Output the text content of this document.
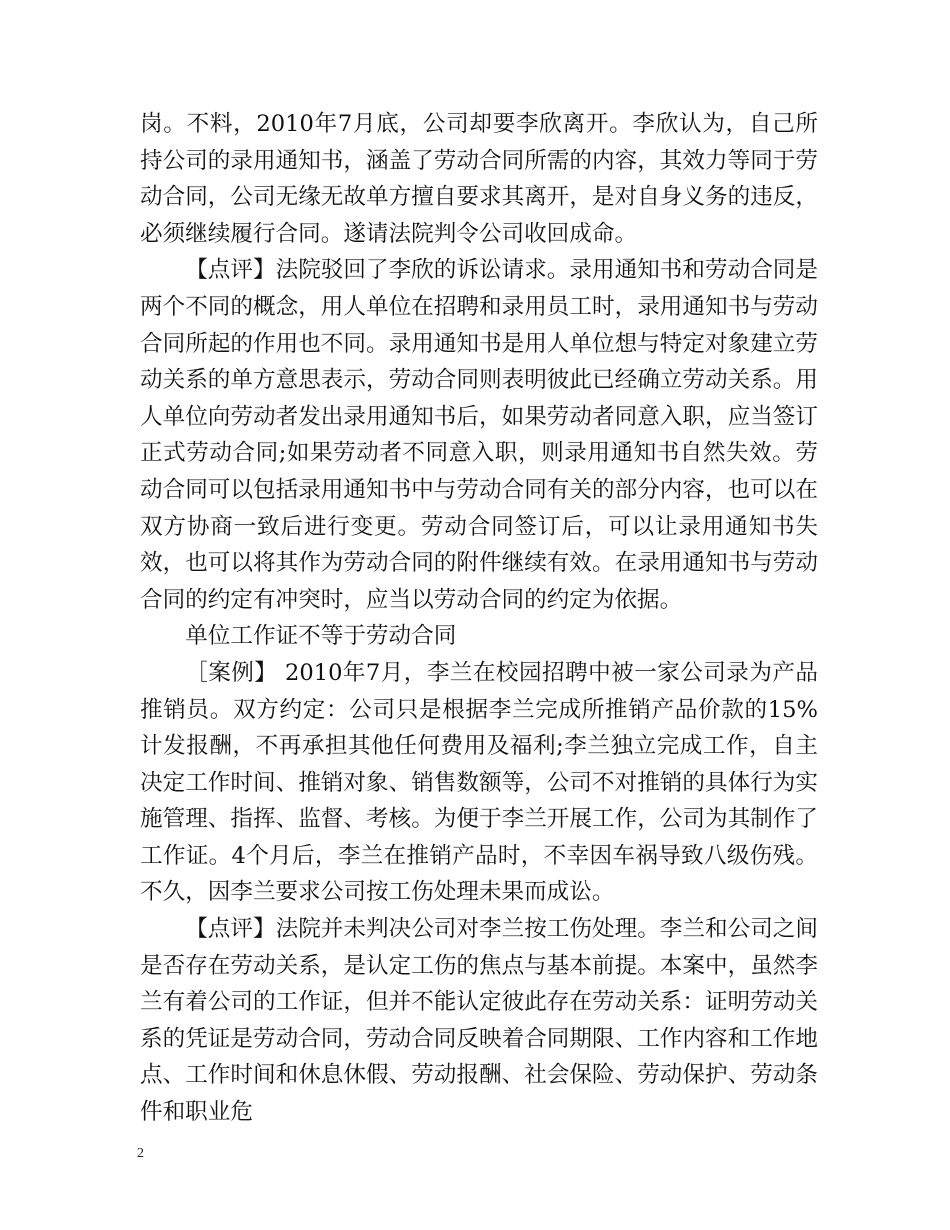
岗。不料，2010年7月底，公司却要李欣离开。李欣认为，自己所持公司的录用通知书，涵盖了劳动合同所需的内容，其效力等同于劳动合同，公司无缘无故单方擅自要求其离开，是对自身义务的违反，必须继续履行合同。遂请法院判令公司收回成命。

【点评】法院驳回了李欣的诉讼请求。录用通知书和劳动合同是两个不同的概念，用人单位在招聘和录用员工时，录用通知书与劳动合同所起的作用也不同。录用通知书是用人单位想与特定对象建立劳动关系的单方意思表示，劳动合同则表明彼此已经确立劳动关系。用人单位向劳动者发出录用通知书后，如果劳动者同意入职，应当签订正式劳动合同;如果劳动者不同意入职，则录用通知书自然失效。劳动合同可以包括录用通知书中与劳动合同有关的部分内容，也可以在双方协商一致后进行变更。劳动合同签订后，可以让录用通知书失效，也可以将其作为劳动合同的附件继续有效。在录用通知书与劳动合同的约定有冲突时，应当以劳动合同的约定为依据。

单位工作证不等于劳动合同

［案例】 2010年7月，李兰在校园招聘中被一家公司录为产品推销员。双方约定：公司只是根据李兰完成所推销产品价款的15%计发报酬，不再承担其他任何费用及福利;李兰独立完成工作，自主决定工作时间、推销对象、销售数额等，公司不对推销的具体行为实施管理、指挥、监督、考核。为便于李兰开展工作，公司为其制作了工作证。4个月后，李兰在推销产品时，不幸因车祸导致八级伤残。不久，因李兰要求公司按工伤处理未果而成讼。

【点评】法院并未判决公司对李兰按工伤处理。李兰和公司之间是否存在劳动关系，是认定工伤的焦点与基本前提。本案中，虽然李兰有着公司的工作证，但并不能认定彼此存在劳动关系：证明劳动关系的凭证是劳动合同，劳动合同反映着合同期限、工作内容和工作地点、工作时间和休息休假、劳动报酬、社会保险、劳动保护、劳动条件和职业危

2
